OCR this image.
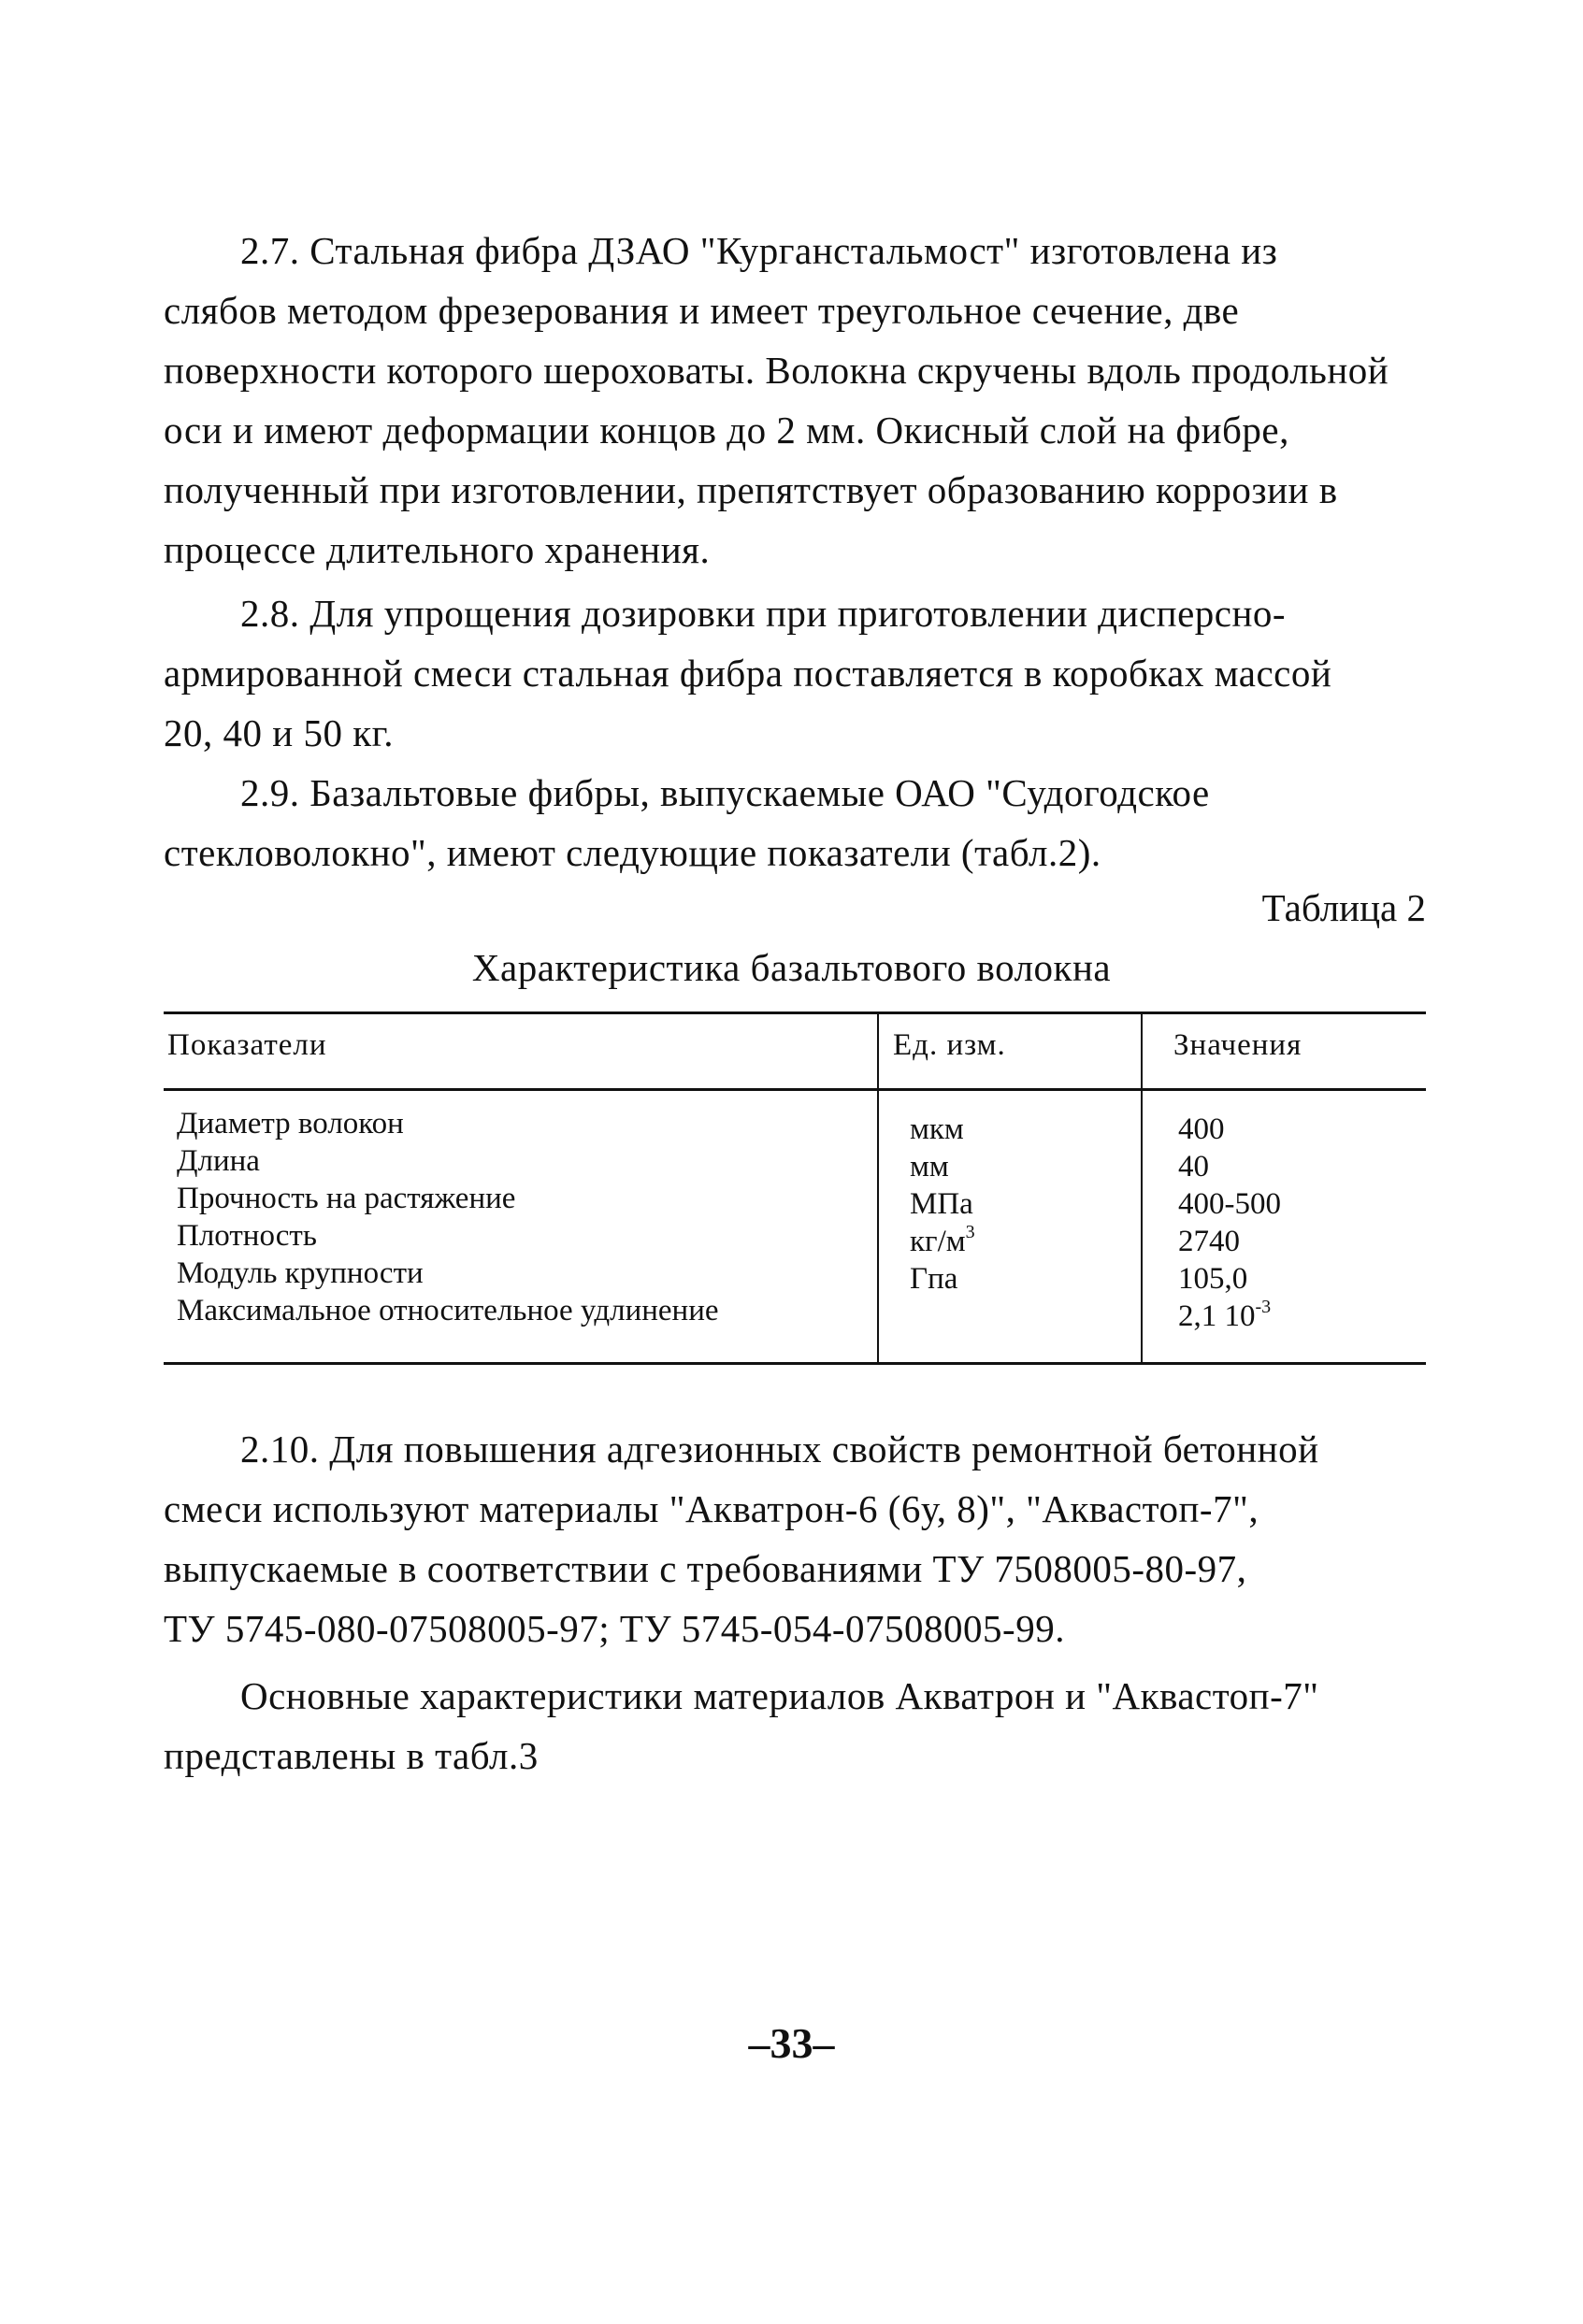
2.7. Стальная фибра ДЗАО "Курганстальмост" изготовлена из
слябов методом фрезерования и имеет треугольное сечение, две
поверхности которого шероховаты. Волокна скручены вдоль продольной
оси и имеют деформации концов до 2 мм. Окисный слой на фибре,
полученный при изготовлении, препятствует образованию коррозии в
процессе длительного хранения.

2.8. Для упрощения дозировки при приготовлении дисперсно-
армированной смеси стальная фибра поставляется в коробках массой
20, 40 и 50 кг.

2.9. Базальтовые фибры, выпускаемые ОАО "Судогодское
стекловолокно", имеют следующие показатели (табл.2).

Таблица 2
Характеристика базальтового волокна
Показатели	Ед. изм.	Значения
Диаметр волокон
Длина
Прочность на растяжение
Плотность
Модуль крупности
Максимальное относительное удлинение
мкм
мм
МПа
$кг/м^3$
Гпа
400
40
400-500
2740
105,0
2,1 $10^{-3}$

2.10. Для повышения адгезионных свойств ремонтной бетонной
смеси используют материалы "Акватрон-6 (6у, 8)", "Аквастоп-7",
выпускаемые в соответствии с требованиями ТУ 7508005-80-97,
ТУ 5745-080-07508005-97; ТУ 5745-054-07508005-99.

Основные характеристики материалов Акватрон и "Аквастоп-7"
представлены в табл.3

–33–
